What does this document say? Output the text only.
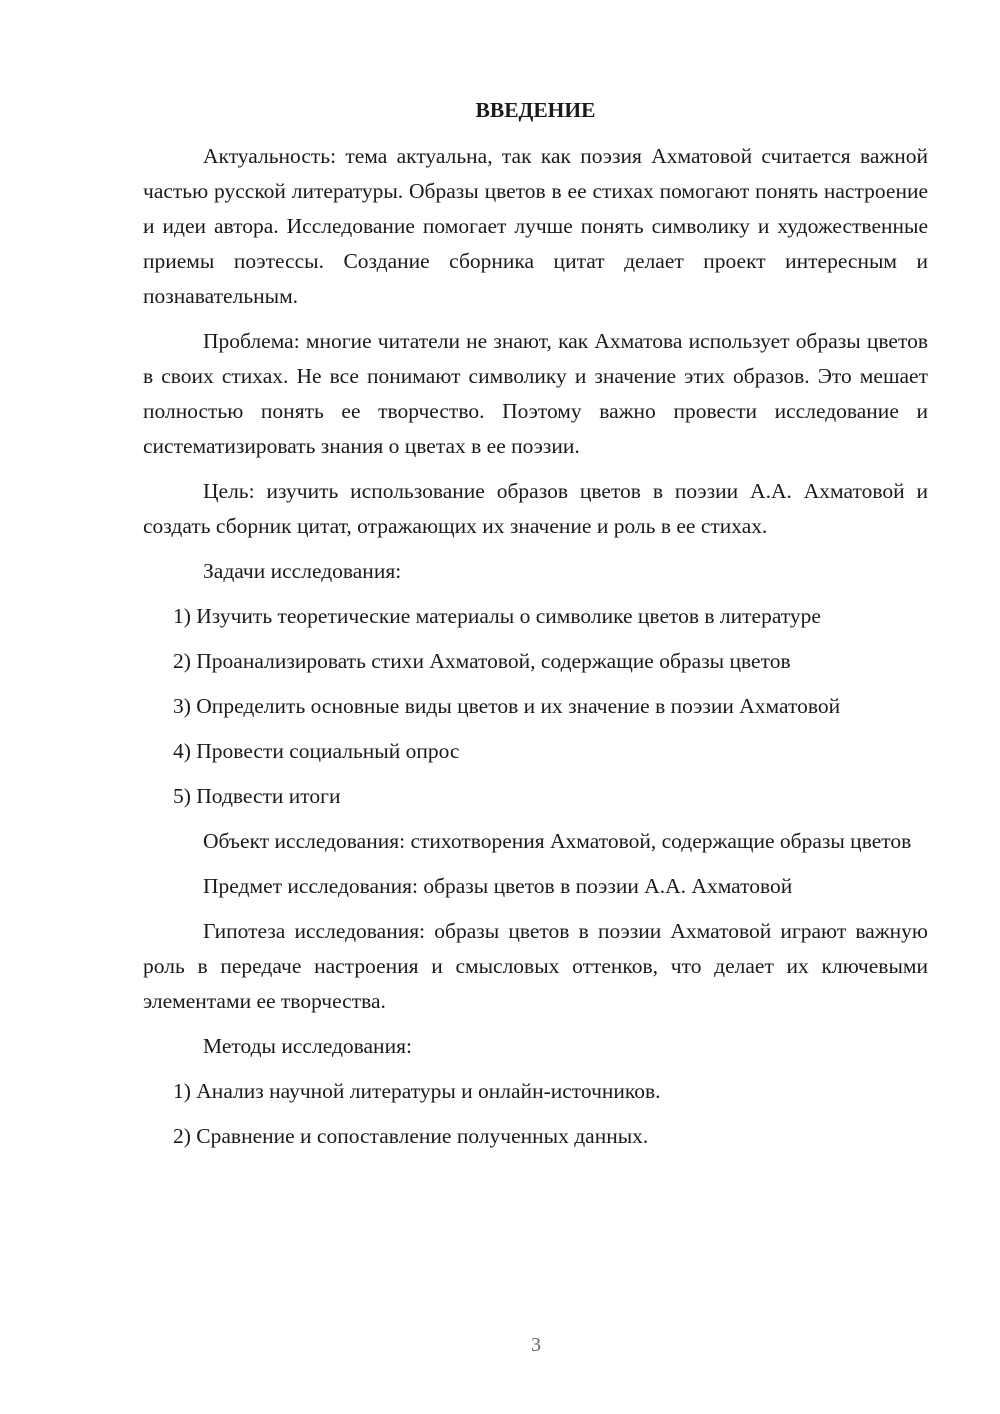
ВВЕДЕНИЕ

Актуальность: тема актуальна, так как поэзия Ахматовой считается важной частью русской литературы. Образы цветов в ее стихах помогают понять настроение и идеи автора. Исследование помогает лучше понять символику и художественные приемы поэтессы. Создание сборника цитат делает проект интересным и познавательным.

Проблема: многие читатели не знают, как Ахматова использует образы цветов в своих стихах. Не все понимают символику и значение этих образов. Это мешает полностью понять ее творчество. Поэтому важно провести исследование и систематизировать знания о цветах в ее поэзии.

Цель: изучить использование образов цветов в поэзии А.А. Ахматовой и создать сборник цитат, отражающих их значение и роль в ее стихах.

Задачи исследования:

1) Изучить теоретические материалы о символике цветов в литературе

2) Проанализировать стихи Ахматовой, содержащие образы цветов

3) Определить основные виды цветов и их значение в поэзии Ахматовой

4) Провести социальный опрос

5) Подвести итоги

Объект исследования: стихотворения Ахматовой, содержащие образы цветов

Предмет исследования: образы цветов в поэзии А.А. Ахматовой

Гипотеза исследования: образы цветов в поэзии Ахматовой играют важную роль в передаче настроения и смысловых оттенков, что делает их ключевыми элементами ее творчества.

Методы исследования:

1) Анализ научной литературы и онлайн-источников.

2) Сравнение и сопоставление полученных данных.

3
